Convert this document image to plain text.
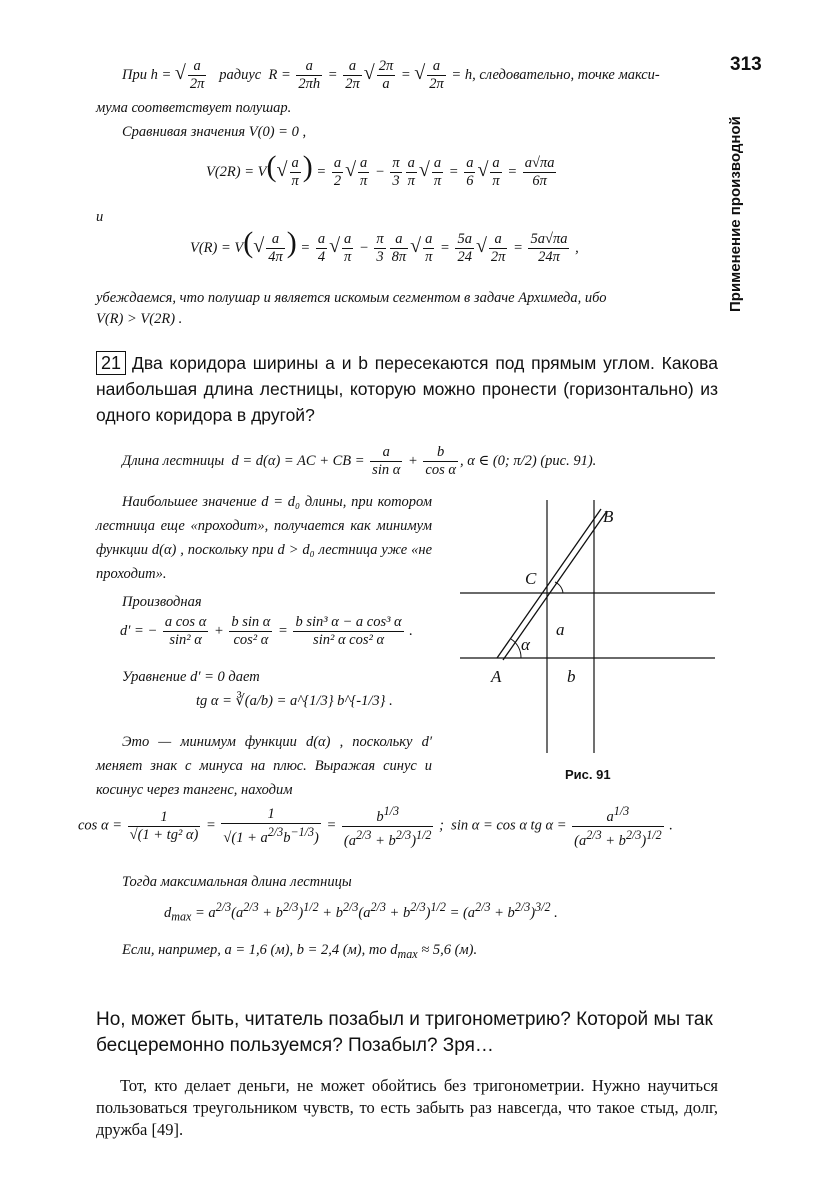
313
Применение производной
При h = √ $\frac{a}{2\pi}$ радиус  $R = \frac{a}{2\pi h} = \frac{a}{2\pi}$ √ $\frac{2\pi}{a}$ = √ $\frac{a}{2\pi} = h$, следовательно, точке макси-
мума соответствует полушар.
Сравнивая значения V(0) = 0 ,
$V(2R) = V(√ \frac{a}{\pi}$ ) = $\frac{a}{2}$ √ $\frac{a}{\pi} - \frac{\pi}{3} \frac{a}{\pi}$ √ $\frac{a}{\pi} = \frac{a}{6}$ √ $\frac{a}{\pi} = \frac{a√\pi a}{6\pi}$
и
$V(R) = V(√ \frac{a}{4\pi}$ ) = $\frac{a}{4}$ √ $\frac{a}{\pi} - \frac{\pi}{3} \frac{a}{8\pi}$ √ $\frac{a}{\pi} = \frac{5a}{24}$ √ $\frac{a}{2\pi} = \frac{5a√\pi a}{24\pi}$ ,
убеждаемся, что полушар и является искомым сегментом в задаче Архимеда, ибо
V(R) > V(2R) .
21 Два коридора ширины a и b пересекаются под прямым углом. Какова наибольшая длина лестницы, которую можно пронести (горизонтально) из одного коридора в другой?
Длина лестницы  d = d(α) = AC + CB = $\frac{a}{\text{sin α}} + \frac{b}{\text{cos α}}$ , α ∈ (0; π/2) (рис. 91).
Наибольшее значение d = d₀ длины, при котором лестница еще «проходит», получается как минимум функции d(α) , поскольку при d > d₀ лестница уже «не проходит».
Производная
d′ = − $\frac{\text{a cos α}}{\text{sin² α}} + \frac{\text{b sin α}}{\text{cos² α}} = \frac{\text{b sin³ α − a cos³ α}}{\text{sin² α cos² α}}$ .
Уравнение d′ = 0 дает
tg α = ∛(a/b) = a^{1/3} b^{-1/3} .
Это — минимум функции d(α) , поскольку d′ меняет знак с минуса на плюс. Выражая синус и косинус через тангенс, находим
B
C
A
a
b
α
Рис. 91
$\cos \alpha = \frac{1}{\text{√(1 + tg² α)}} = \frac{1}{√(1 + a^{2/3}b^{-1/3})} = \frac{b^{1/3}}{(a^{2/3} + b^{2/3})^{1/2}}$ ;  sin α = cos α tg $\alpha = \frac{a^{1/3}}{(a^{2/3} + b^{2/3})^{1/2}}$ .
Тогда максимальная длина лестницы
$d_{max} = a^{2/3}(a^{2/3} + b^{2/3})^{1/2} + b^{2/3}(a^{2/3} + b^{2/3})^{1/2} = (a^{2/3} + b^{2/3})^{3/2}$ .
Если, например, a = 1,6 (м), b = 2,4 (м), то $d_{max} \approx 5,6$ (м).
Но, может быть, читатель позабыл и тригонометрию? Которой мы так бесцеремонно пользуемся? Позабыл? Зря…
Тот, кто делает деньги, не может обойтись без тригонометрии. Нужно научиться пользоваться треугольником чувств, то есть забыть раз навсегда, что такое стыд, долг, дружба [49].
